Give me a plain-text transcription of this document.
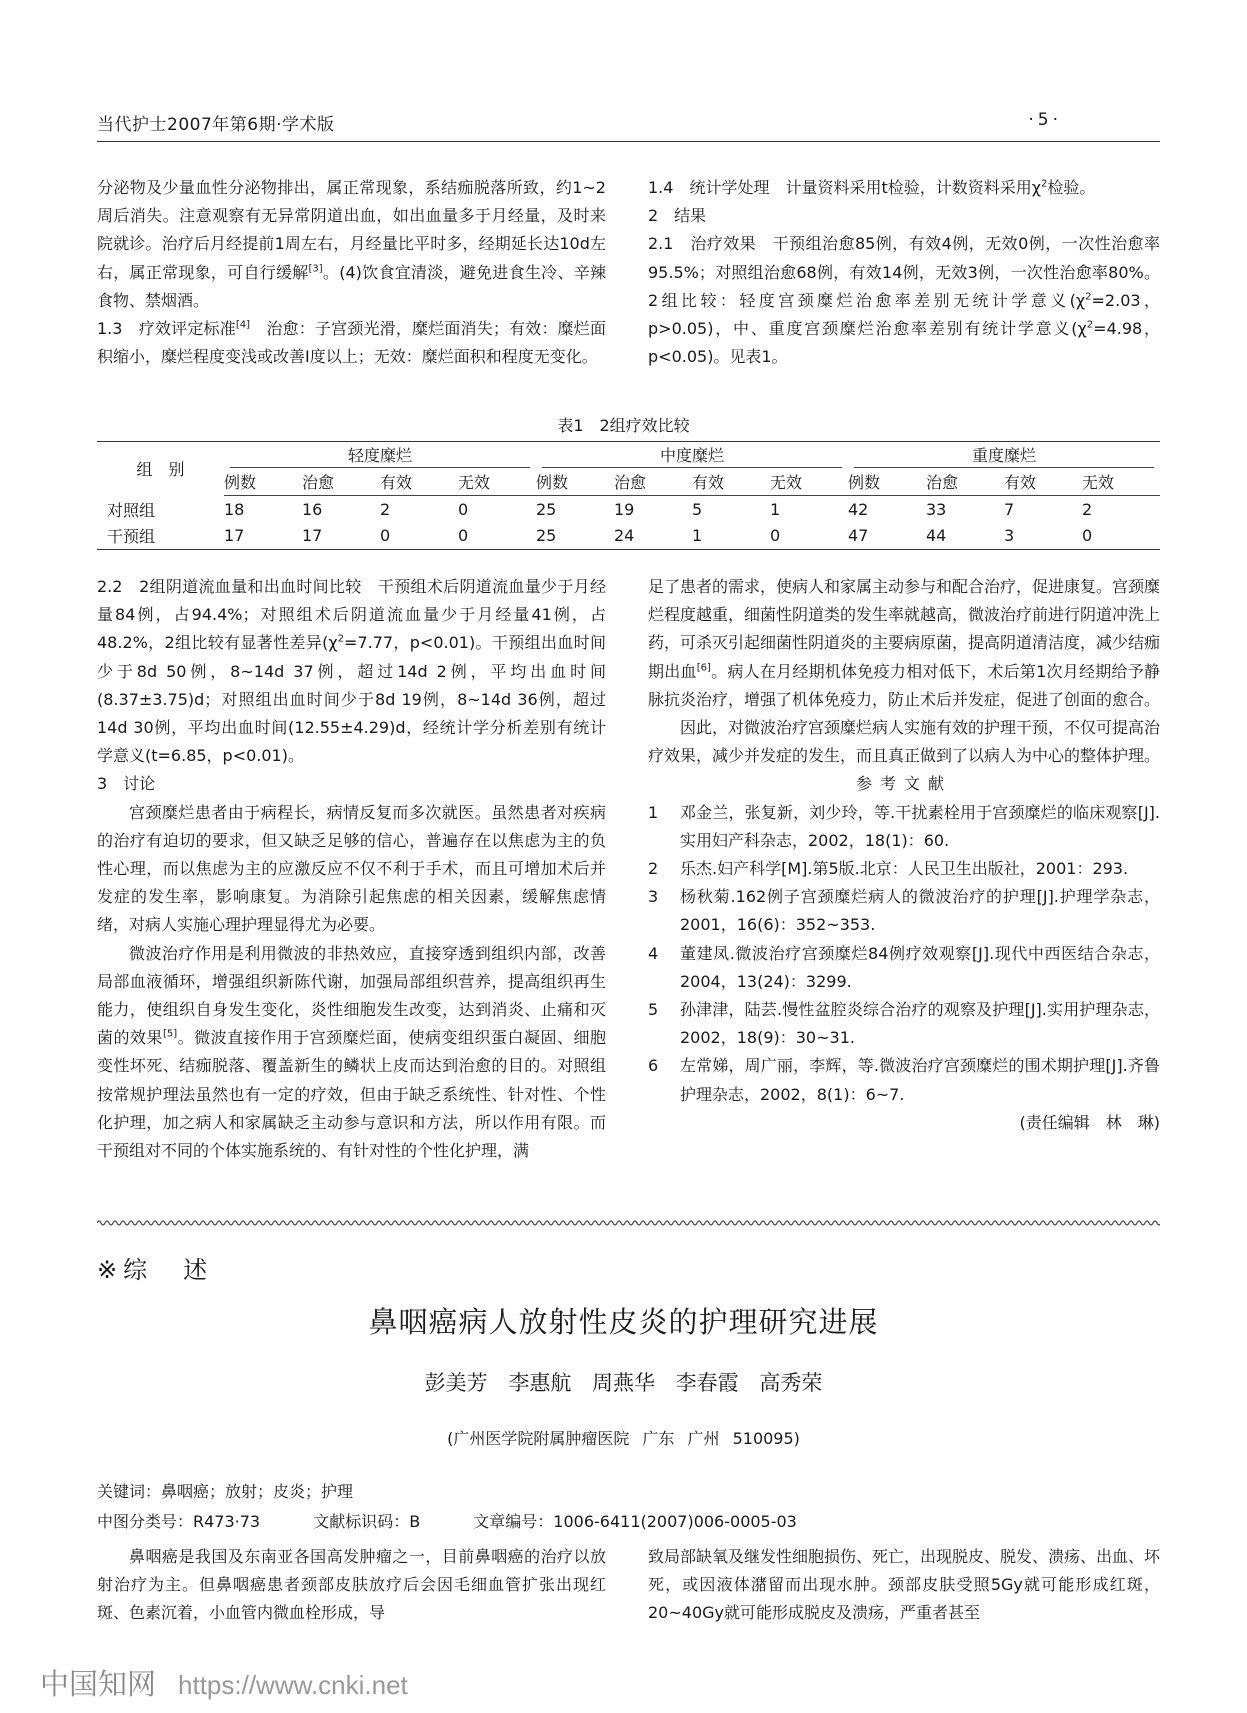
当代护士2007年第6期·学术版	·5·

分泌物及少量血性分泌物排出，属正常现象，系结痂脱落所致，约1~2周后消失。注意观察有无异常阴道出血，如出血量多于月经量，及时来院就诊。治疗后月经提前1周左右，月经量比平时多，经期延长达10d左右，属正常现象，可自行缓解[3]。(4)饮食宜清淡，避免进食生冷、辛辣食物、禁烟酒。

1.3　疗效评定标准[4]　治愈：子宫颈光滑，糜烂面消失；有效：糜烂面积缩小，糜烂程度变浅或改善Ⅰ度以上；无效：糜烂面积和程度无变化。

1.4　统计学处理　计量资料采用t检验，计数资料采用$\chi^2$检验。

2　结果

2.1　治疗效果　干预组治愈85例，有效4例，无效0例，一次性治愈率95.5%；对照组治愈68例，有效14例，无效3例，一次性治愈率80%。2组比较：轻度宫颈糜烂治愈率差别无统计学意义($\chi^2=2.03$，p>0.05)，中、重度宫颈糜烂治愈率差别有统计学意义($\chi^2=4.98$，p<0.05)。见表1。

表1　2组疗效比较
组　别	轻度糜烂				中度糜烂				重度糜烂			
	例数	治愈	有效	无效	例数	治愈	有效	无效	例数	治愈	有效	无效
对照组	18	16	2	0	25	19	5	1	42	33	7	2
干预组	17	17	0	0	25	24	1	0	47	44	3	0

2.2　2组阴道流血量和出血时间比较　干预组术后阴道流血量少于月经量84例，占94.4%；对照组术后阴道流血量少于月经量41例，占48.2%，2组比较有显著性差异($\chi^2=7.77$，p<0.01)。干预组出血时间少于8d 50例，8~14d 37例，超过14d 2例，平均出血时间(8.37±3.75)d；对照组出血时间少于8d 19例，8~14d 36例，超过14d 30例，平均出血时间(12.55±4.29)d，经统计学分析差别有统计学意义(t=6.85，p<0.01)。

3　讨论

宫颈糜烂患者由于病程长，病情反复而多次就医。虽然患者对疾病的治疗有迫切的要求，但又缺乏足够的信心，普遍存在以焦虑为主的负性心理，而以焦虑为主的应激反应不仅不利于手术，而且可增加术后并发症的发生率，影响康复。为消除引起焦虑的相关因素，缓解焦虑情绪，对病人实施心理护理显得尤为必要。

微波治疗作用是利用微波的非热效应，直接穿透到组织内部，改善局部血液循环，增强组织新陈代谢，加强局部组织营养，提高组织再生能力，使组织自身发生变化，炎性细胞发生改变，达到消炎、止痛和灭菌的效果[5]。微波直接作用于宫颈糜烂面，使病变组织蛋白凝固、细胞变性坏死、结痂脱落、覆盖新生的鳞状上皮而达到治愈的目的。对照组按常规护理法虽然也有一定的疗效，但由于缺乏系统性、针对性、个性化护理，加之病人和家属缺乏主动参与意识和方法，所以作用有限。而干预组对不同的个体实施系统的、有针对性的个性化护理，满

足了患者的需求，使病人和家属主动参与和配合治疗，促进康复。宫颈糜烂程度越重，细菌性阴道类的发生率就越高，微波治疗前进行阴道冲洗上药，可杀灭引起细菌性阴道炎的主要病原菌，提高阴道清洁度，减少结痂期出血[6]。病人在月经期机体免疫力相对低下，术后第1次月经期给予静脉抗炎治疗，增强了机体免疫力，防止术后并发症，促进了创面的愈合。

因此，对微波治疗宫颈糜烂病人实施有效的护理干预，不仅可提高治疗效果，减少并发症的发生，而且真正做到了以病人为中心的整体护理。

参考文献

1	邓金兰，张复新，刘少玲，等.干扰素栓用于宫颈糜烂的临床观察[J].实用妇产科杂志，2002，18(1)：60.
2	乐杰.妇产科学[M].第5版.北京：人民卫生出版社，2001：293.
3	杨秋菊.162例子宫颈糜烂病人的微波治疗的护理[J].护理学杂志，2001，16(6)：352~353.
4	董建凤.微波治疗宫颈糜烂84例疗效观察[J].现代中西医结合杂志，2004，13(24)：3299.
5	孙津津，陆芸.慢性盆腔炎综合治疗的观察及护理[J].实用护理杂志，2002，18(9)：30~31.
6	左常娣，周广丽，李辉，等.微波治疗宫颈糜烂的围术期护理[J].齐鲁护理杂志，2002，8(1)：6~7.

(责任编辑　林　琳)

※综　述
鼻咽癌病人放射性皮炎的护理研究进展
彭美芳 李惠航 周燕华 李春霞 高秀荣
(广州医学院附属肿瘤医院 广东 广州 510095)
关键词：鼻咽癌；放射；皮炎；护理
中图分类号：R473·73	文献标识码：B	文章编号：1006-6411(2007)006-0005-03

鼻咽癌是我国及东南亚各国高发肿瘤之一，目前鼻咽癌的治疗以放射治疗为主。但鼻咽癌患者颈部皮肤放疗后会因毛细血管扩张出现红斑、色素沉着，小血管内微血栓形成，导

致局部缺氧及继发性细胞损伤、死亡，出现脱皮、脱发、溃疡、出血、坏死，或因液体潴留而出现水肿。颈部皮肤受照5Gy就可能形成红斑，20~40Gy就可能形成脱皮及溃疡，严重者甚至

中国知网 https://www.cnki.net
